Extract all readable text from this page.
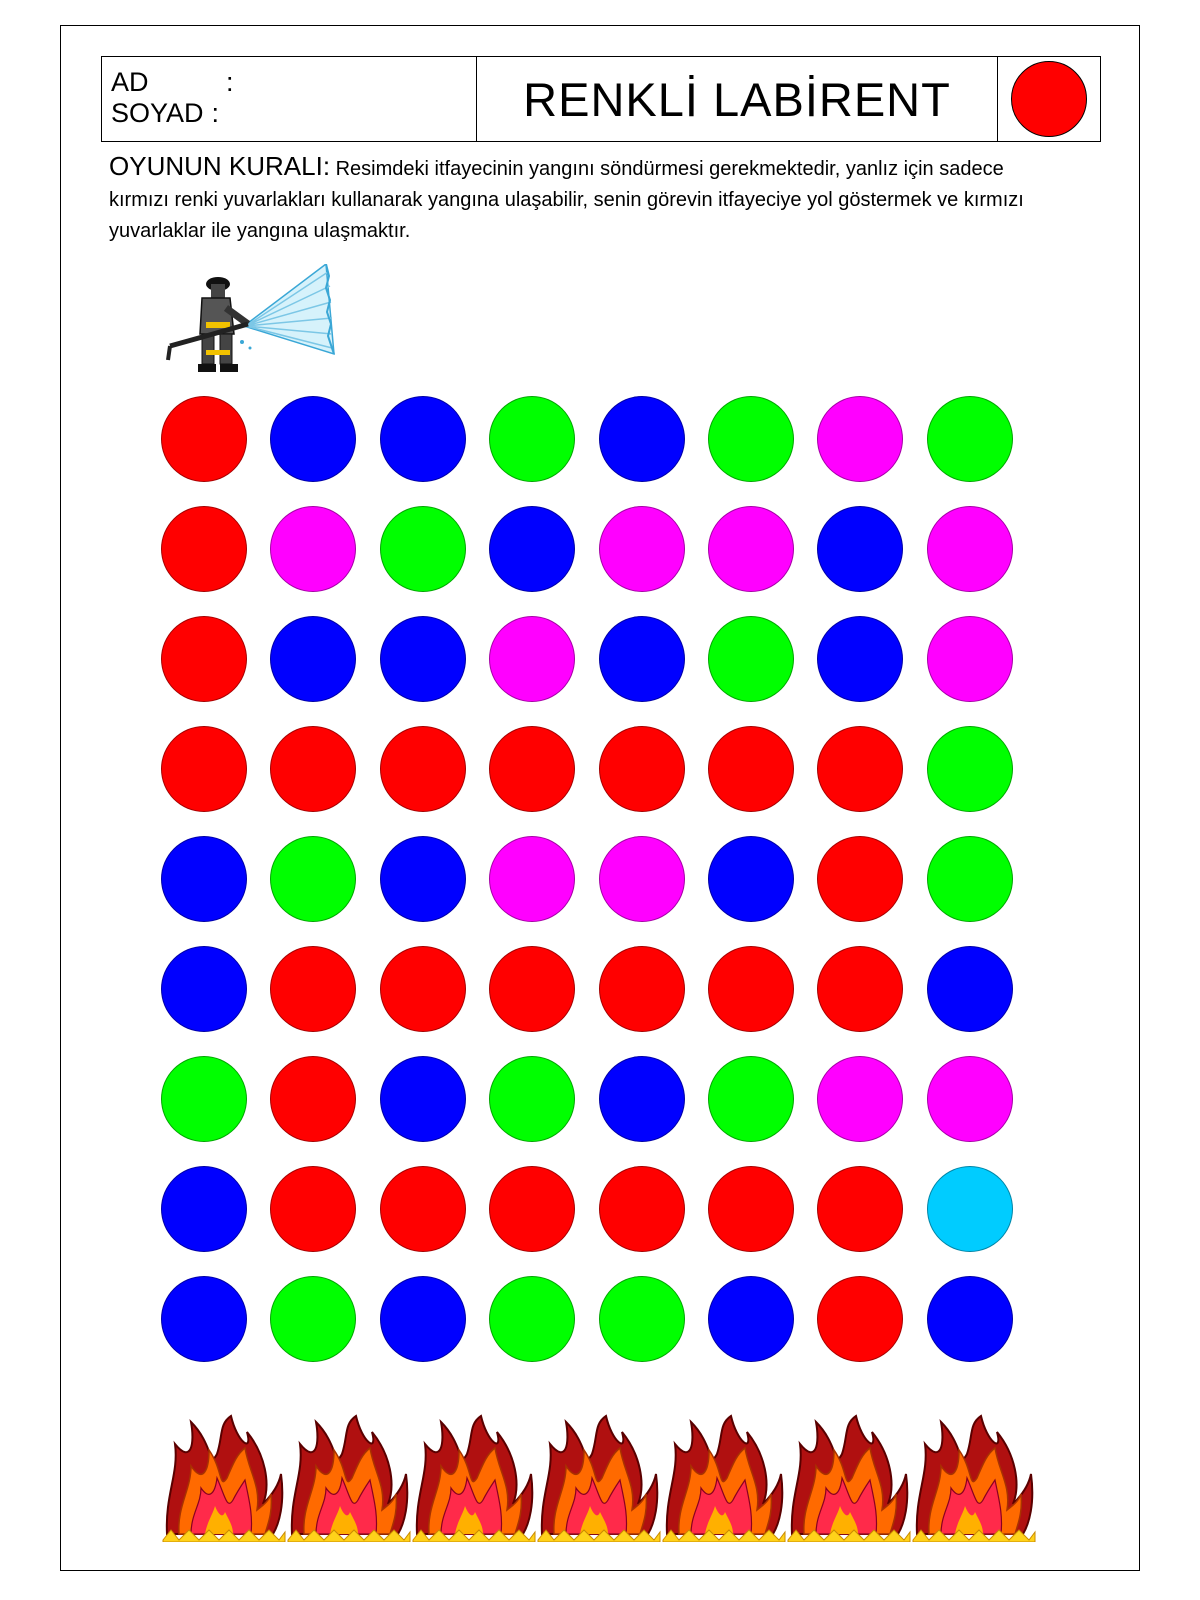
AD	:
SOYAD :	RENKLİ LABİRENT
OYUNUN KURALI: Resimdeki itfayecinin yangını söndürmesi gerekmektedir, yanlız için sadece kırmızı renki yuvarlakları kullanarak yangına ulaşabilir, senin görevin itfayeciye yol göstermek ve kırmızı yuvarlaklar ile yangına ulaşmaktır.
